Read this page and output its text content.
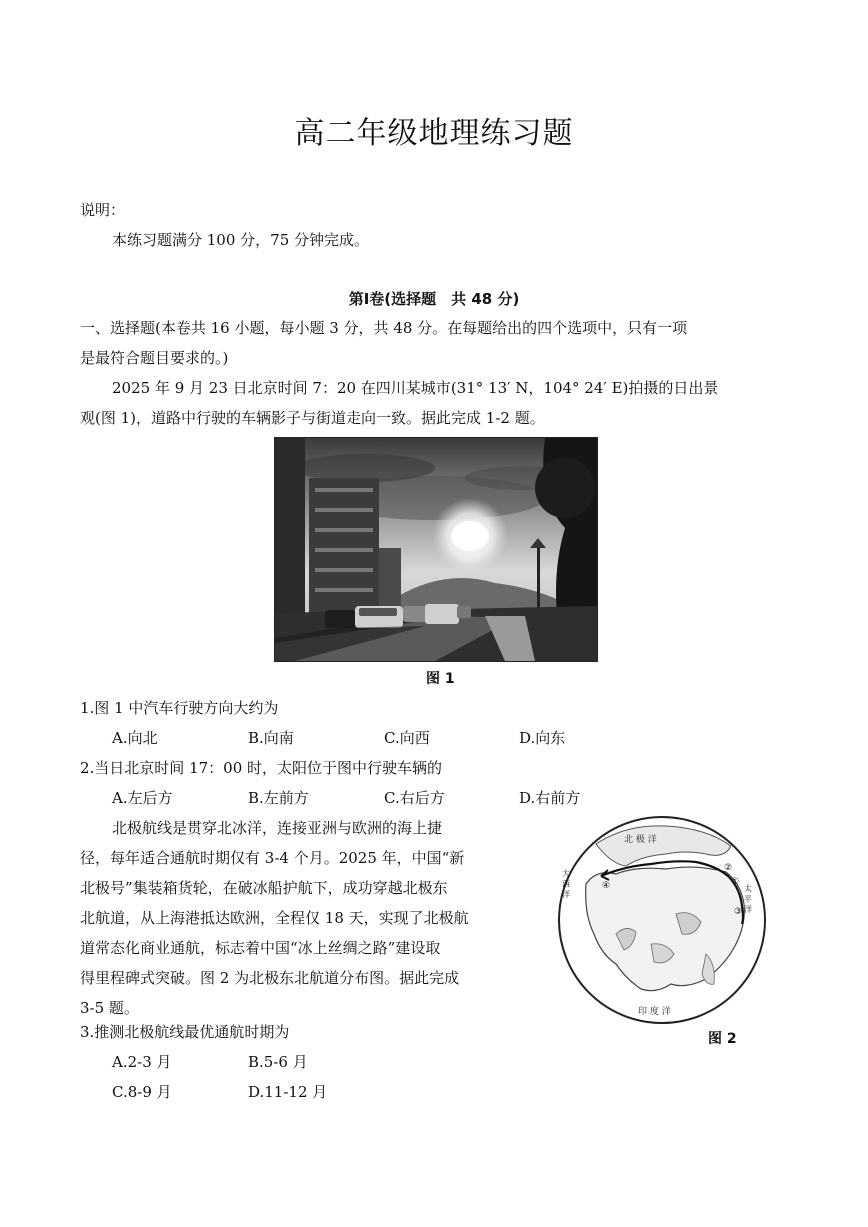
高二年级地理练习题
说明：
本练习题满分 100 分，75 分钟完成。
第Ⅰ卷(选择题　共 48 分)
一、选择题(本卷共 16 小题，每小题 3 分，共 48 分。在每题给出的四个选项中，只有一项
是最符合题目要求的。)
2025 年 9 月 23 日北京时间 7：20 在四川某城市(31° 13′ N，104° 24′ E)拍摄的日出景
观(图 1)，道路中行驶的车辆影子与街道走向一致。据此完成 1-2 题。
图 1
1.图 1 中汽车行驶方向大约为
A.向北	B.向南	C.向西	D.向东
2.当日北京时间 17：00 时，太阳位于图中行驶车辆的
A.左后方	B.左前方	C.右后方	D.右前方
北极航线是贯穿北冰洋，连接亚洲与欧洲的海上捷
径，每年适合通航时期仅有 3-4 个月。2025 年，中国“新
北极号”集装箱货轮，在破冰船护航下，成功穿越北极东
北航道，从上海港抵达欧洲，全程仅 18 天，实现了北极航
道常态化商业通航，标志着中国“冰上丝绸之路”建设取
得里程碑式突破。图 2 为北极东北航道分布图。据此完成
3-5 题。
北 极 洋
太 平 洋
大 西 洋
印 度 洋
①
②
③
④
图 2
3.推测北极航线最优通航时期为
A.2-3 月	B.5-6 月
C.8-9 月	D.11-12 月
